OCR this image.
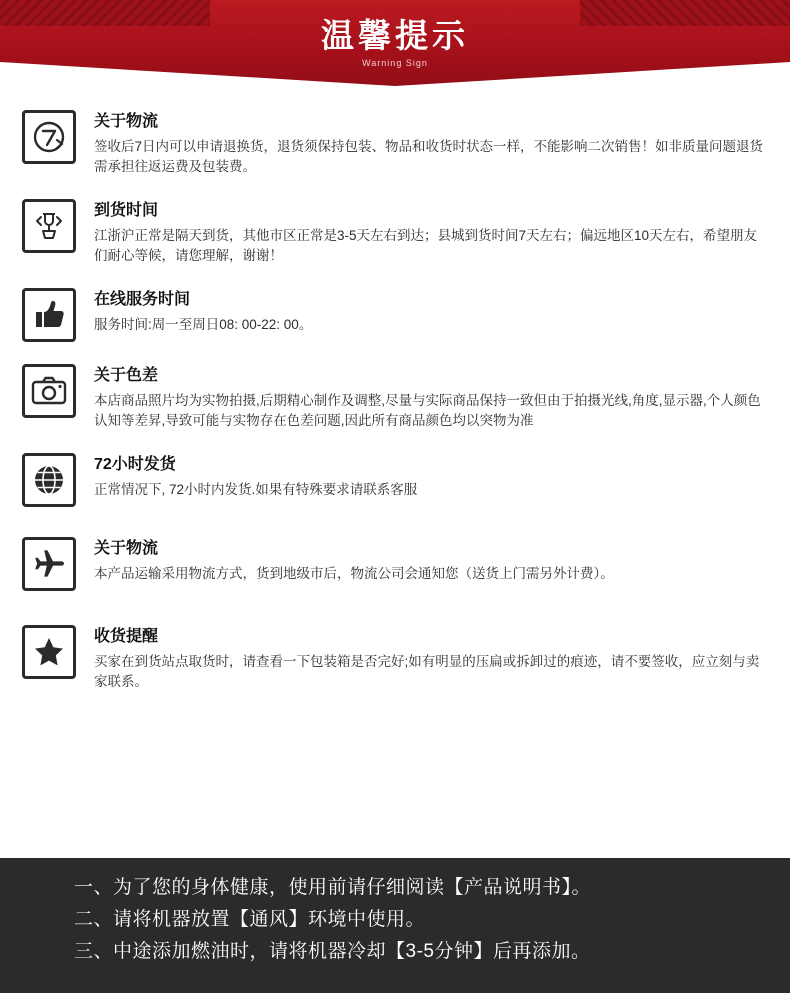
温馨提示
Warning Sign
关于物流
签收后7日内可以申请退换货，退货须保持包装、物品和收货时状态一样，不能影响二次销售！如非质量问题退货需承担往返运费及包装费。
到货时间
江浙沪正常是隔天到货，其他市区正常是3-5天左右到达；县城到货时间7天左右；偏远地区10天左右，希望朋友们耐心等候，请您理解，谢谢！
在线服务时间
服务时间:周一至周日08: 00-22: 00。
关于色差
本店商品照片均为实物拍摄,后期精心制作及调整,尽量与实际商品保持一致但由于拍摄光线,角度,显示器,个人颜色认知等差昇,导致可能与实物存在色差问题,因此所有商品颜色均以突物为准
72小时发货
正常情况下, 72小时内发货.如果有特殊要求请联系客服
关于物流
本产品运输采用物流方式，货到地级市后，物流公司会通知您（送货上门需另外计费）。
收货提醒
买家在到货站点取货时，请查看一下包装箱是否完好;如有明显的压扁或拆卸过的痕迹，请不要签收，应立刻与卖家联系。
一、为了您的身体健康，使用前请仔细阅读【产品说明书】。
二、请将机器放置【通风】环境中使用。
三、中途添加燃油时，请将机器冷却【3-5分钟】后再添加。
